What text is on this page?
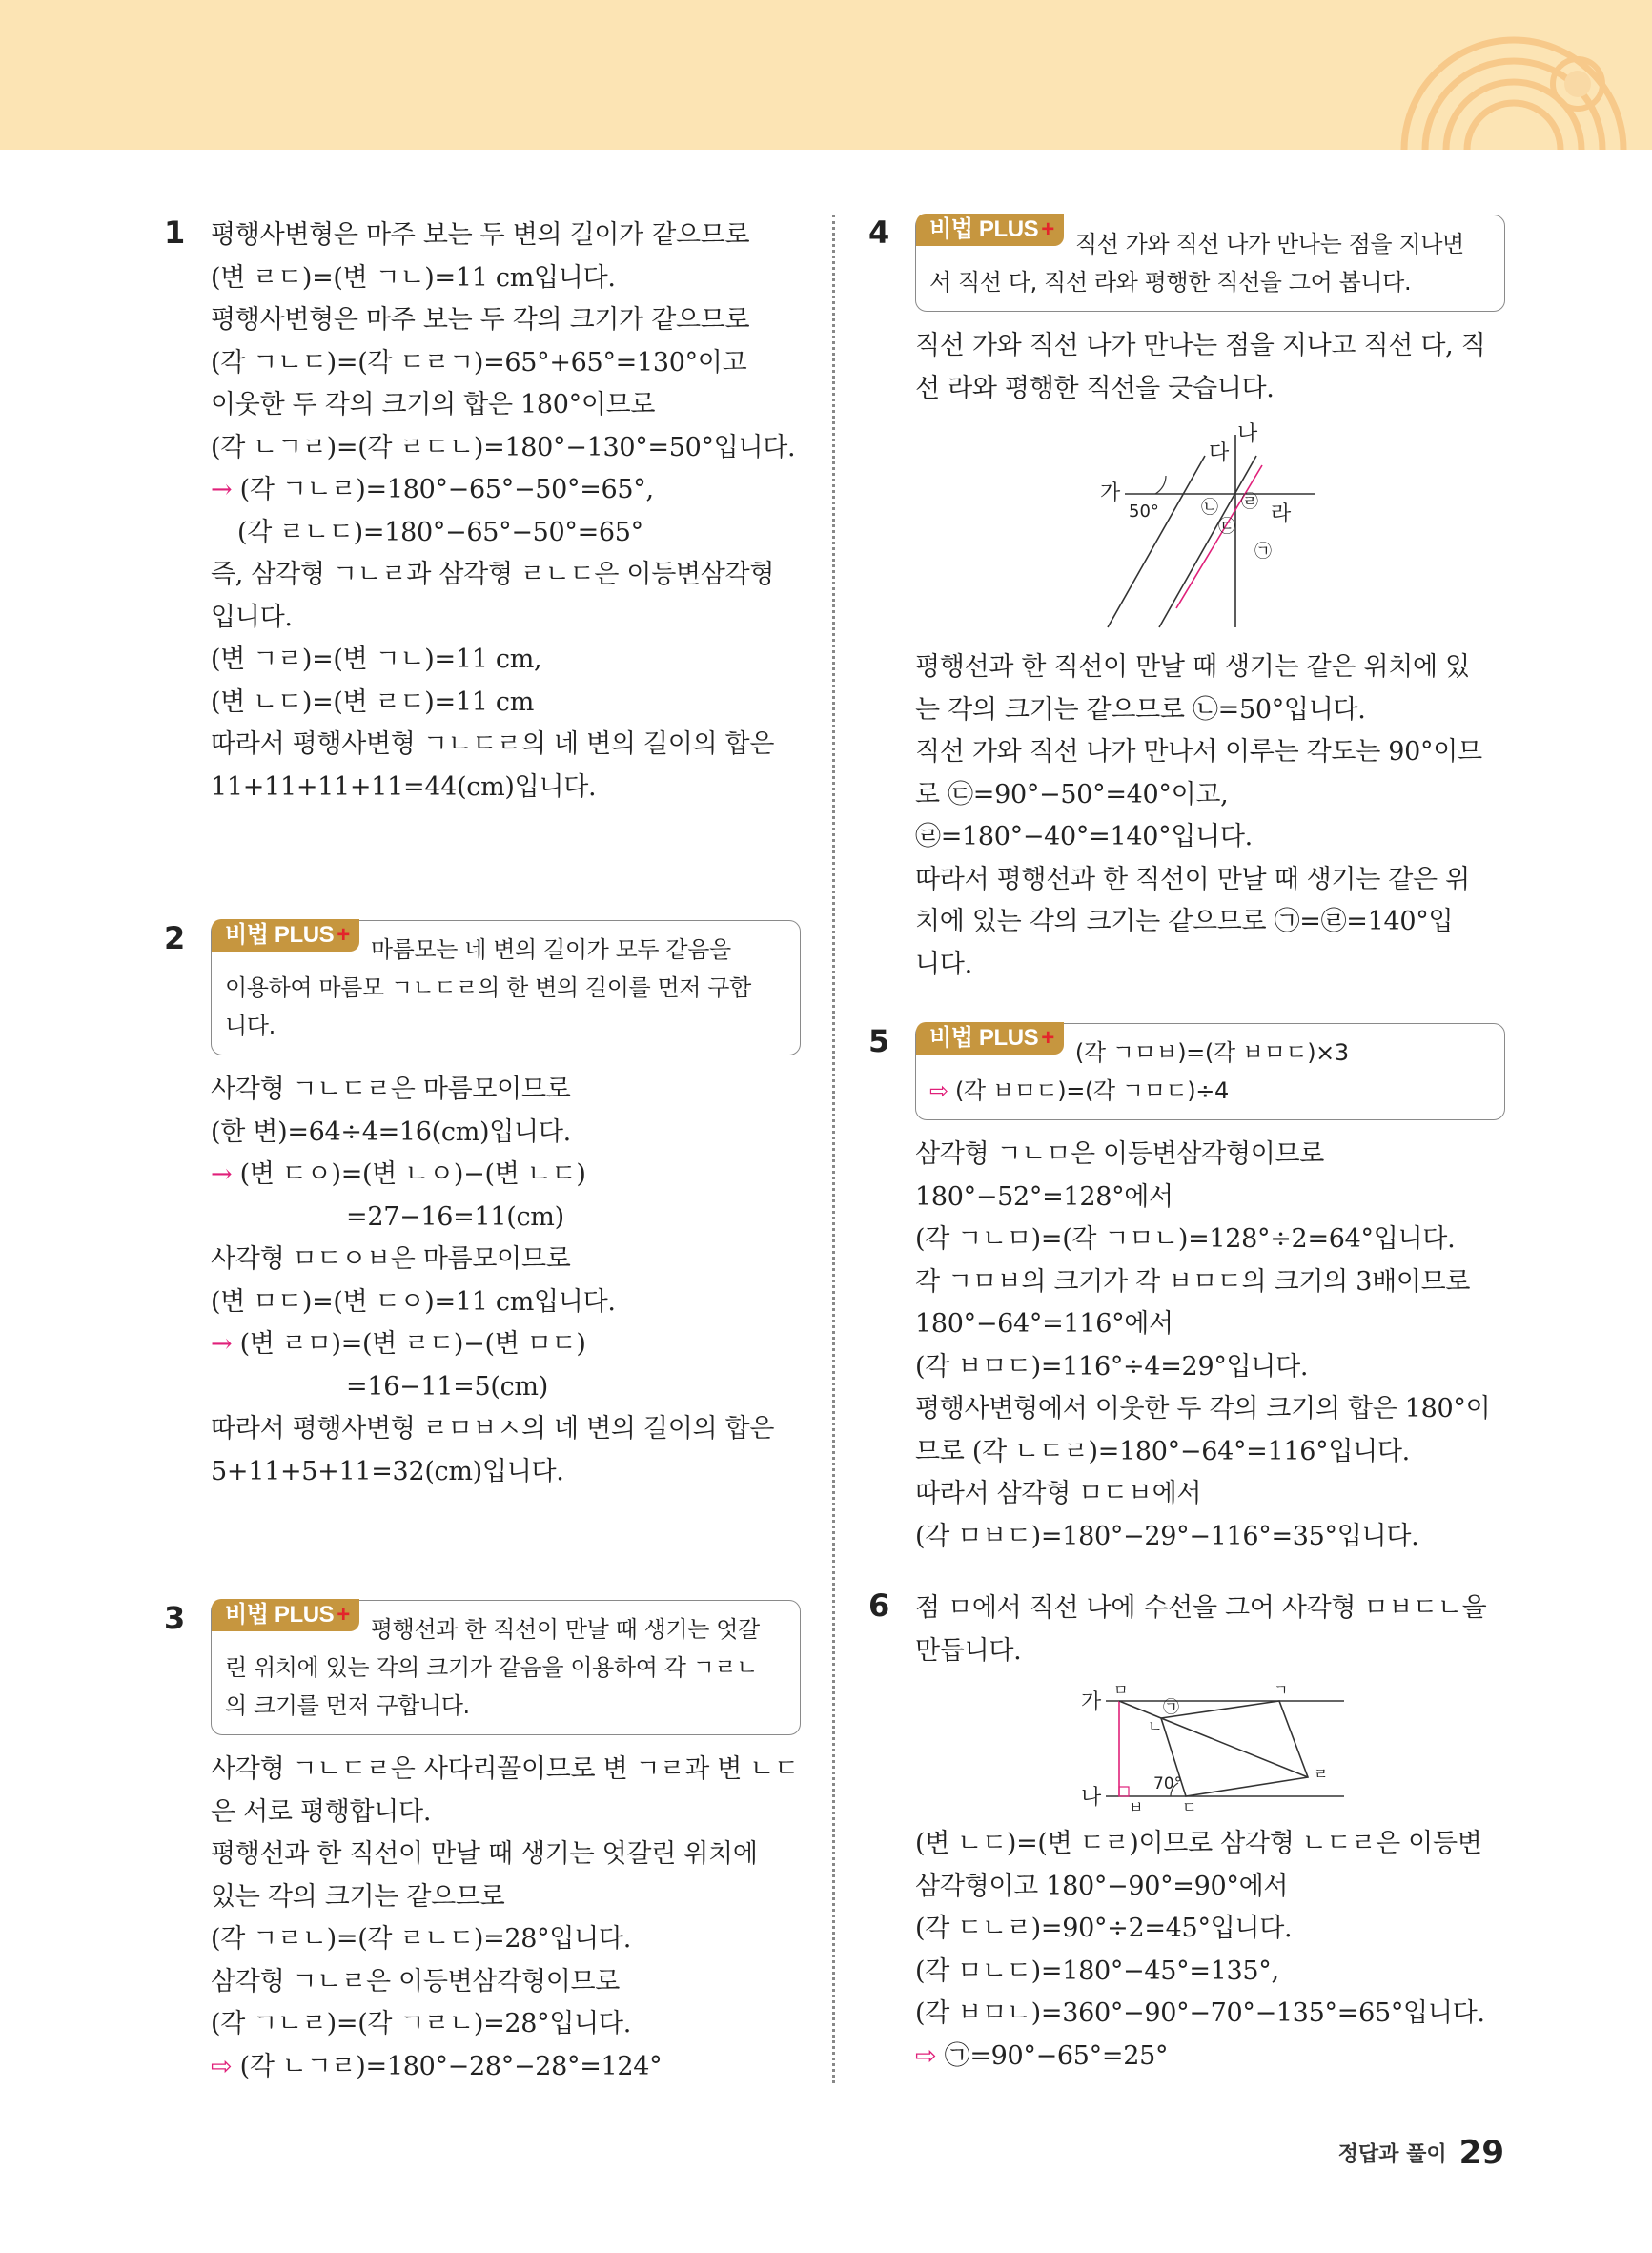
1 평행사변형은 마주 보는 두 변의 길이가 같으므로
(변 ㄹㄷ)=(변 ㄱㄴ)=11 cm입니다.
평행사변형은 마주 보는 두 각의 크기가 같으므로
(각 ㄱㄴㄷ)=(각 ㄷㄹㄱ)=65°+65°=130°이고
이웃한 두 각의 크기의 합은 180°이므로
(각 ㄴㄱㄹ)=(각 ㄹㄷㄴ)=180°−130°=50°입니다.
→ (각 ㄱㄴㄹ)=180°−65°−50°=65°,
(각 ㄹㄴㄷ)=180°−65°−50°=65°
즉, 삼각형 ㄱㄴㄹ과 삼각형 ㄹㄴㄷ은 이등변삼각형
입니다.
(변 ㄱㄹ)=(변 ㄱㄴ)=11 cm,
(변 ㄴㄷ)=(변 ㄹㄷ)=11 cm
따라서 평행사변형 ㄱㄴㄷㄹ의 네 변의 길이의 합은
11+11+11+11=44(cm)입니다.
2 비법 PLUS +마름모는 네 변의 길이가 모두 같음을
이용하여 마름모 ㄱㄴㄷㄹ의 한 변의 길이를 먼저 구합
니다.
사각형 ㄱㄴㄷㄹ은 마름모이므로
(한 변)=64÷4=16(cm)입니다.
→ (변 ㄷㅇ)=(변 ㄴㅇ)−(변 ㄴㄷ)
=27−16=11(cm)
사각형 ㅁㄷㅇㅂ은 마름모이므로
(변 ㅁㄷ)=(변 ㄷㅇ)=11 cm입니다.
→ (변 ㄹㅁ)=(변 ㄹㄷ)−(변 ㅁㄷ)
=16−11=5(cm)
따라서 평행사변형 ㄹㅁㅂㅅ의 네 변의 길이의 합은
5+11+5+11=32(cm)입니다.
3 비법 PLUS +평행선과 한 직선이 만날 때 생기는 엇갈
린 위치에 있는 각의 크기가 같음을 이용하여 각 ㄱㄹㄴ
의 크기를 먼저 구합니다.
사각형 ㄱㄴㄷㄹ은 사다리꼴이므로 변 ㄱㄹ과 변 ㄴㄷ
은 서로 평행합니다.
평행선과 한 직선이 만날 때 생기는 엇갈린 위치에
있는 각의 크기는 같으므로
(각 ㄱㄹㄴ)=(각 ㄹㄴㄷ)=28°입니다.
삼각형 ㄱㄴㄹ은 이등변삼각형이므로
(각 ㄱㄴㄹ)=(각 ㄱㄹㄴ)=28°입니다.
⇨ (각 ㄴㄱㄹ)=180°−28°−28°=124°
4 비법 PLUS +직선 가와 직선 나가 만나는 점을 지나면
서 직선 다, 직선 라와 평행한 직선을 그어 봅니다.
직선 가와 직선 나가 만나는 점을 지나고 직선 다, 직
선 라와 평행한 직선을 긋습니다.
다
나
가
라
50° ㉡
㉢
㉣
㉠
평행선과 한 직선이 만날 때 생기는 같은 위치에 있
는 각의 크기는 같으므로 ㉡=50°입니다.
직선 가와 직선 나가 만나서 이루는 각도는 90°이므
로 ㉢=90°−50°=40°이고,
㉣=180°−40°=140°입니다.
따라서 평행선과 한 직선이 만날 때 생기는 같은 위
치에 있는 각의 크기는 같으므로 ㉠=㉣=140°입
니다.
5 비법 PLUS +(각 ㄱㅁㅂ)=(각 ㅂㅁㄷ)×3
⇨ (각 ㅂㅁㄷ)=(각 ㄱㅁㄷ)÷4
삼각형 ㄱㄴㅁ은 이등변삼각형이므로
180°−52°=128°에서
(각 ㄱㄴㅁ)=(각 ㄱㅁㄴ)=128°÷2=64°입니다.
각 ㄱㅁㅂ의 크기가 각 ㅂㅁㄷ의 크기의 3배이므로
180°−64°=116°에서
(각 ㅂㅁㄷ)=116°÷4=29°입니다.
평행사변형에서 이웃한 두 각의 크기의 합은 180°이
므로 (각 ㄴㄷㄹ)=180°−64°=116°입니다.
따라서 삼각형 ㅁㄷㅂ에서
(각 ㅁㅂㄷ)=180°−29°−116°=35°입니다.
6 점 ㅁ에서 직선 나에 수선을 그어 사각형 ㅁㅂㄷㄴ을
만듭니다.
가
나
ㅁ	ㄱ
ㄴ
ㄹ
ㅂ	ㄷ
70°
㉠
(변 ㄴㄷ)=(변 ㄷㄹ)이므로 삼각형 ㄴㄷㄹ은 이등변
삼각형이고 180°−90°=90°에서
(각 ㄷㄴㄹ)=90°÷2=45°입니다.
(각 ㅁㄴㄷ)=180°−45°=135°,
(각 ㅂㅁㄴ)=360°−90°−70°−135°=65°입니다.
⇨ ㉠=90°−65°=25°
정답과 풀이 29
